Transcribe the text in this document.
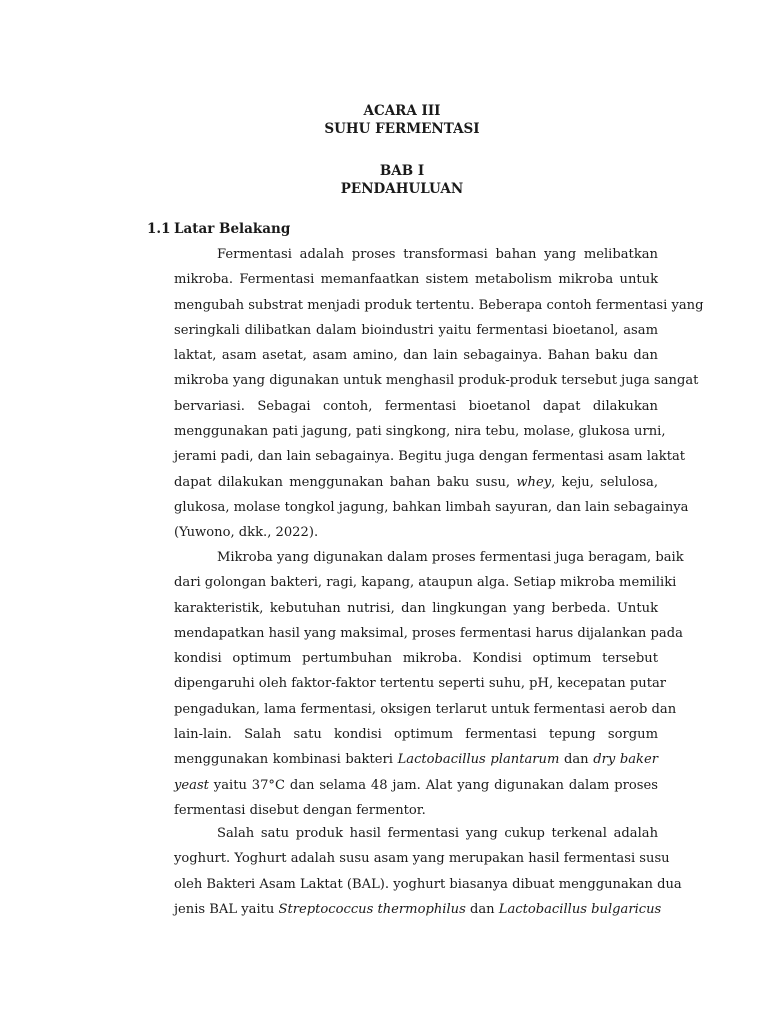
ACARA III
SUHU FERMENTASI
BAB I
PENDAHULUAN
1.1 Latar Belakang
Fermentasi adalah proses transformasi bahan yang melibatkan
mikroba. Fermentasi memanfaatkan sistem metabolism mikroba untuk
mengubah substrat menjadi produk tertentu. Beberapa contoh fermentasi yang
seringkali dilibatkan dalam bioindustri yaitu fermentasi bioetanol, asam
laktat, asam asetat, asam amino, dan lain sebagainya. Bahan baku dan
mikroba yang digunakan untuk menghasil produk-produk tersebut juga sangat
bervariasi. Sebagai contoh, fermentasi bioetanol dapat dilakukan
menggunakan pati jagung, pati singkong, nira tebu, molase, glukosa urni,
jerami padi, dan lain sebagainya. Begitu juga dengan fermentasi asam laktat
dapat dilakukan menggunakan bahan baku susu, whey, keju, selulosa,
glukosa, molase tongkol jagung, bahkan limbah sayuran, dan lain sebagainya
(Yuwono, dkk., 2022).
Mikroba yang digunakan dalam proses fermentasi juga beragam, baik
dari golongan bakteri, ragi, kapang, ataupun alga. Setiap mikroba memiliki
karakteristik, kebutuhan nutrisi, dan lingkungan yang berbeda. Untuk
mendapatkan hasil yang maksimal, proses fermentasi harus dijalankan pada
kondisi optimum pertumbuhan mikroba. Kondisi optimum tersebut
dipengaruhi oleh faktor-faktor tertentu seperti suhu, pH, kecepatan putar
pengadukan, lama fermentasi, oksigen terlarut untuk fermentasi aerob dan
lain-lain. Salah satu kondisi optimum fermentasi tepung sorgum
menggunakan kombinasi bakteri Lactobacillus plantarum dan dry baker
yeast yaitu 37°C dan selama 48 jam. Alat yang digunakan dalam proses
fermentasi disebut dengan fermentor.
Salah satu produk hasil fermentasi yang cukup terkenal adalah
yoghurt. Yoghurt adalah susu asam yang merupakan hasil fermentasi susu
oleh Bakteri Asam Laktat (BAL). yoghurt biasanya dibuat menggunakan dua
jenis BAL yaitu Streptococcus thermophilus dan Lactobacillus bulgaricus
